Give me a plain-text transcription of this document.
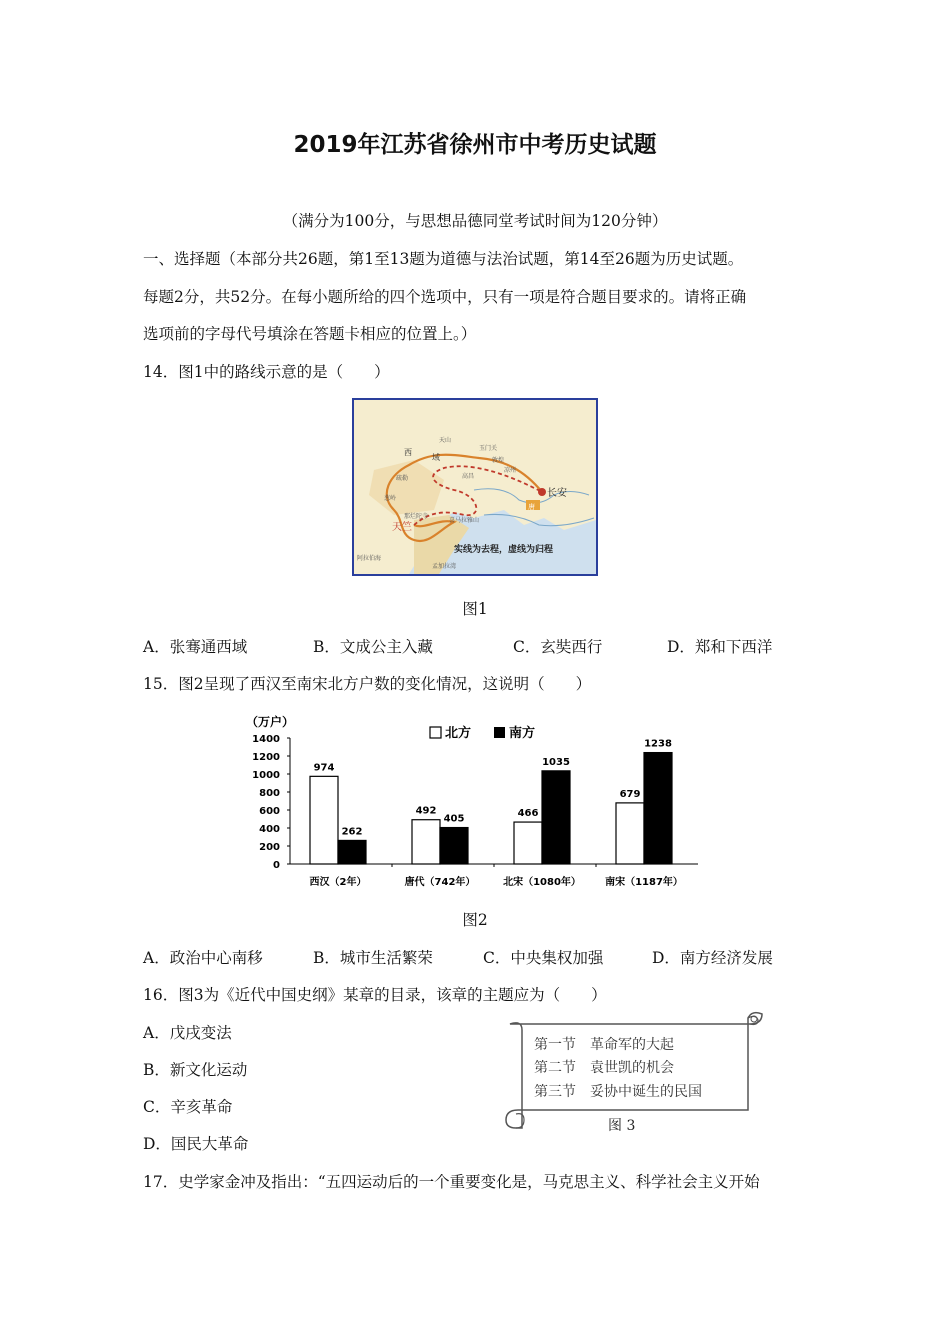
2019年江苏省徐州市中考历史试题
（满分为100分，与思想品德同堂考试时间为120分钟）
一、选择题（本部分共26题，第1至13题为道德与法治试题，第14至26题为历史试题。
每题2分，共52分。在每小题所给的四个选项中，只有一项是符合题目要求的。请将正确
选项前的字母代号填涂在答题卡相应的位置上。）
14．图1中的路线示意的是（　　）
长安
天竺
西
域
天山
玉门关
敦煌
凉州
高昌
疏勒
葱岭
喜马拉雅山
那烂陀寺
孟加拉湾
阿拉伯海
唐
实线为去程，虚线为归程
图1
A．张骞通西域	B．文成公主入藏	C．玄奘西行	D．郑和下西洋
15．图2呈现了西汉至南宋北方户数的变化情况，这说明（　　）
（万户）
0
200
400
600
800
1000
1200
1400	北方	南方
974
262
西汉（2年）
492
405
唐代（742年）
466
1035
北宋（1080年）
679
1238
南宋（1187年）
图2
A．政治中心南移	B．城市生活繁荣	C．中央集权加强	D．南方经济发展
16．图3为《近代中国史纲》某章的目录，该章的主题应为（　　）
A．戊戌变法
B．新文化运动
C．辛亥革命
D．国民大革命
第一节　革命军的大起
第二节　袁世凯的机会
第三节　妥协中诞生的民国
图 3
17．史学家金冲及指出：“五四运动后的一个重要变化是，马克思主义、科学社会主义开始
